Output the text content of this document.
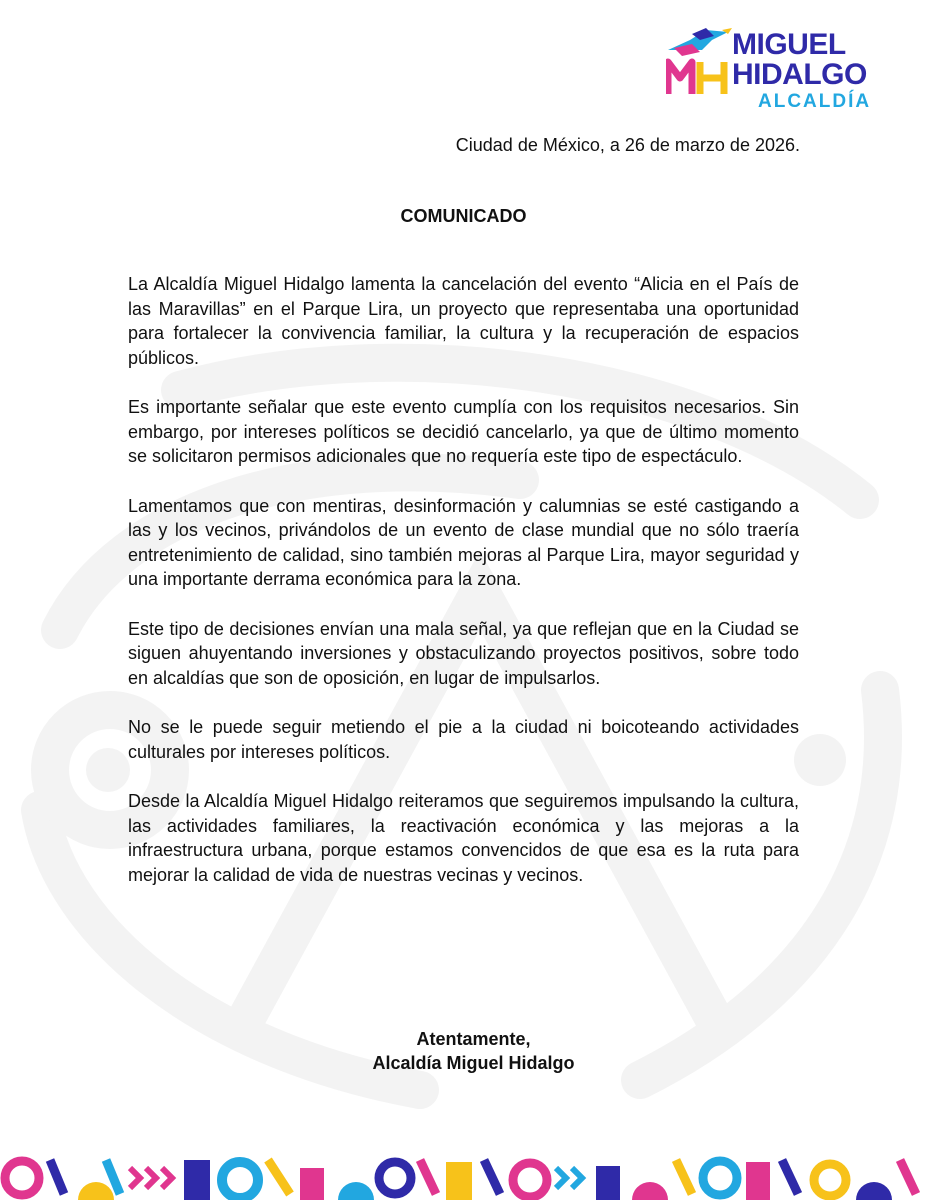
MIGUEL
HIDALGO
ALCALDÍA
Ciudad de México, a 26 de marzo de 2026.
COMUNICADO

La Alcaldía Miguel Hidalgo lamenta la cancelación del evento “Alicia en el País de las Maravillas” en el Parque Lira, un proyecto que representaba una oportunidad para fortalecer la convivencia familiar, la cultura y la recuperación de espacios públicos.

Es importante señalar que este evento cumplía con los requisitos necesarios. Sin embargo, por intereses políticos se decidió cancelarlo, ya que de último momento se solicitaron permisos adicionales que no requería este tipo de espectáculo.

Lamentamos que con mentiras, desinformación y calumnias se esté castigando a las y los vecinos, privándolos de un evento de clase mundial que no sólo traería entretenimiento de calidad, sino también mejoras al Parque Lira, mayor seguridad y una importante derrama económica para la zona.

Este tipo de decisiones envían una mala señal, ya que reflejan que en la Ciudad se siguen ahuyentando inversiones y obstaculizando proyectos positivos, sobre todo en alcaldías que son de oposición, en lugar de impulsarlos.

No se le puede seguir metiendo el pie a la ciudad ni boicoteando actividades culturales por intereses políticos.

Desde la Alcaldía Miguel Hidalgo reiteramos que seguiremos impulsando la cultura, las actividades familiares, la reactivación económica y las mejoras a la infraestructura urbana, porque estamos convencidos de que esa es la ruta para mejorar la calidad de vida de nuestras vecinas y vecinos.

Atentamente,
Alcaldía Miguel Hidalgo
